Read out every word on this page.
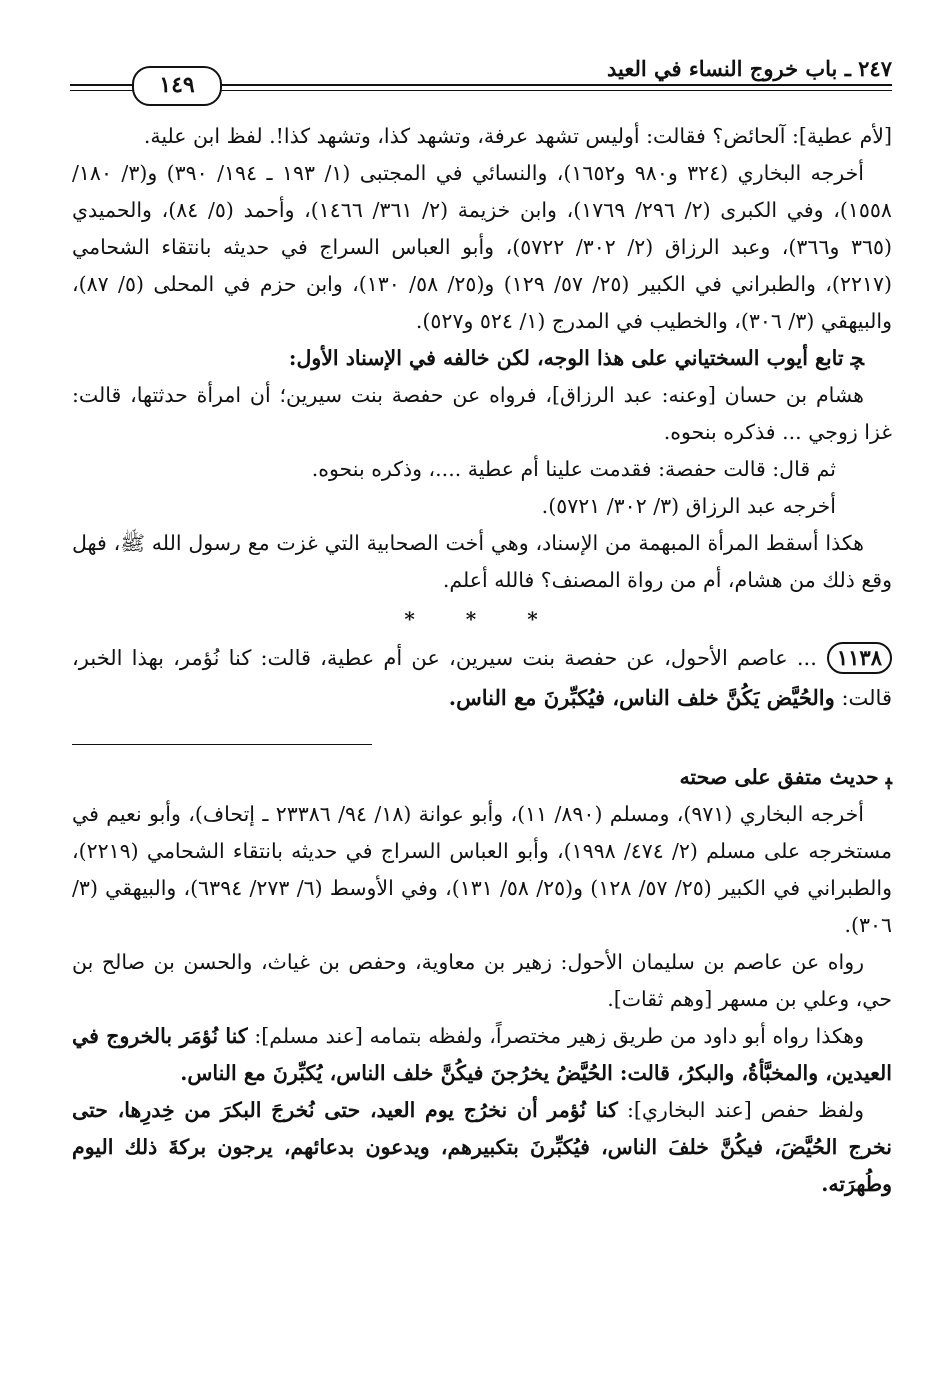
٢٤٧ ـ باب خروج النساء في العيد
١٤٩

[لأم عطية]: آلحائض؟ فقالت: أوليس تشهد عرفة، وتشهد كذا، وتشهد كذا!. لفظ ابن علية.

أخرجه البخاري (٣٢٤ و٩٨٠ و١٦٥٢)، والنسائي في المجتبى (١/ ١٩٣ ـ ١٩٤/ ٣٩٠) و(٣/ ١٨٠/ ١٥٥٨)، وفي الكبرى (٢/ ٢٩٦/ ١٧٦٩)، وابن خزيمة (٢/ ٣٦١/ ١٤٦٦)، وأحمد (٥/ ٨٤)، والحميدي (٣٦٥ و٣٦٦)، وعبد الرزاق (٢/ ٣٠٢/ ٥٧٢٢)، وأبو العباس السراج في حديثه بانتقاء الشحامي (٢٢١٧)، والطبراني في الكبير (٢٥/ ٥٧/ ١٢٩) و(٢٥/ ٥٨/ ١٣٠)، وابن حزم في المحلى (٥/ ٨٧)، والبيهقي (٣/ ٣٠٦)، والخطيب في المدرج (١/ ٥٢٤ و٥٢٧).

ﭽ تابع أيوب السختياني على هذا الوجه، لكن خالفه في الإسناد الأول:

هشام بن حسان [وعنه: عبد الرزاق]، فرواه عن حفصة بنت سيرين؛ أن امرأة حدثتها، قالت: غزا زوجي ... فذكره بنحوه.

ثم قال: قالت حفصة: فقدمت علينا أم عطية ....، وذكره بنحوه.

أخرجه عبد الرزاق (٣/ ٣٠٢/ ٥٧٢١).

هكذا أسقط المرأة المبهمة من الإسناد، وهي أخت الصحابية التي غزت مع رسول الله ﷺ، فهل وقع ذلك من هشام، أم من رواة المصنف؟ فالله أعلم.

* * *

١١٣٨... عاصم الأحول، عن حفصة بنت سيرين، عن أم عطية، قالت: كنا نُؤمر، بهذا الخبر، قالت: والحُيَّض يَكُنَّ خلف الناس، فيُكبِّرنَ مع الناس.

ﯧ حديث متفق على صحته

أخرجه البخاري (٩٧١)، ومسلم (٨٩٠/ ١١)، وأبو عوانة (١٨/ ٩٤/ ٢٣٣٨٦ ـ إتحاف)، وأبو نعيم في مستخرجه على مسلم (٢/ ٤٧٤/ ١٩٩٨)، وأبو العباس السراج في حديثه بانتقاء الشحامي (٢٢١٩)، والطبراني في الكبير (٢٥/ ٥٧/ ١٢٨) و(٢٥/ ٥٨/ ١٣١)، وفي الأوسط (٦/ ٢٧٣/ ٦٣٩٤)، والبيهقي (٣/ ٣٠٦).

رواه عن عاصم بن سليمان الأحول: زهير بن معاوية، وحفص بن غياث، والحسن بن صالح بن حي، وعلي بن مسهر [وهم ثقات].

وهكذا رواه أبو داود من طريق زهير مختصراً، ولفظه بتمامه [عند مسلم]: كنا نُؤمَر بالخروج في العيدين، والمخبَّأةُ، والبكرُ، قالت: الحُيَّضُ يخرُجنَ فيكُنَّ خلف الناس، يُكبِّرنَ مع الناس.

ولفظ حفص [عند البخاري]: كنا نُؤمر أن نخرُج يوم العيد، حتى نُخرجَ البكرَ من خِدرِها، حتى نخرج الحُيَّضَ، فيكُنَّ خلفَ الناس، فيُكبِّرنَ بتكبيرهم، ويدعون بدعائهم، يرجون بركةَ ذلك اليوم وطُهرَته.
